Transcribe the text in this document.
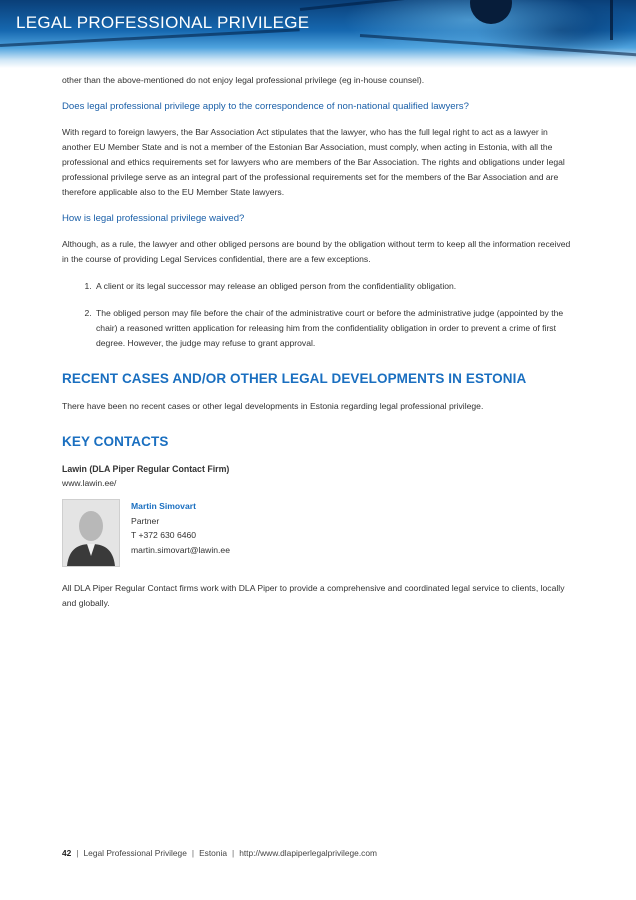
LEGAL PROFESSIONAL PRIVILEGE

other than the above-mentioned do not enjoy legal professional privilege (eg in-house counsel).

Does legal professional privilege apply to the correspondence of non-national qualified lawyers?

With regard to foreign lawyers, the Bar Association Act stipulates that the lawyer, who has the full legal right to act as a lawyer in another EU Member State and is not a member of the Estonian Bar Association, must comply, when acting in Estonia, with all the professional and ethics requirements set for lawyers who are members of the Bar Association. The rights and obligations under legal professional privilege serve as an integral part of the professional requirements set for the members of the Bar Association and are therefore applicable also to the EU Member State lawyers.

How is legal professional privilege waived?

Although, as a rule, the lawyer and other obliged persons are bound by the obligation without term to keep all the information received in the course of providing Legal Services confidential, there are a few exceptions.

1. A client or its legal successor may release an obliged person from the confidentiality obligation.
2. The obliged person may file before the chair of the administrative court or before the administrative judge (appointed by the chair) a reasoned written application for releasing him from the confidentiality obligation in order to prevent a crime of first degree. However, the judge may refuse to grant approval.
RECENT CASES AND/OR OTHER LEGAL DEVELOPMENTS IN ESTONIA

There have been no recent cases or other legal developments in Estonia regarding legal professional privilege.

KEY CONTACTS
Lawin (DLA Piper Regular Contact Firm)
www.lawin.ee/
Martin Simovart
Partner
T +372 630 6460
martin.simovart@lawin.ee

All DLA Piper Regular Contact firms work with DLA Piper to provide a comprehensive and coordinated legal service to clients, locally and globally.

42 | Legal Professional Privilege | Estonia | http://www.dlapiperlegalprivilege.com
